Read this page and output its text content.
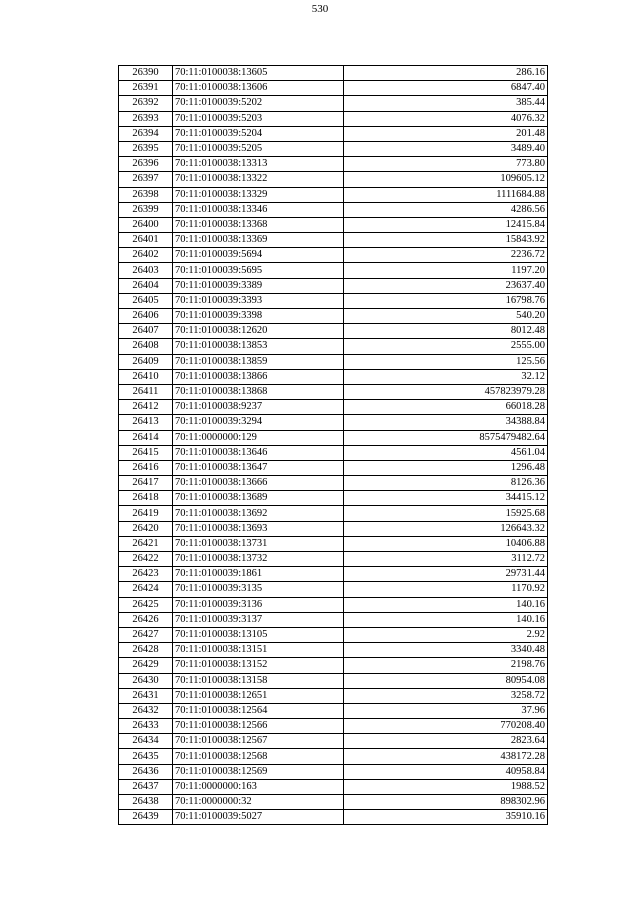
530
26390	70:11:0100038:13605	286.16
26391	70:11:0100038:13606	6847.40
26392	70:11:0100039:5202	385.44
26393	70:11:0100039:5203	4076.32
26394	70:11:0100039:5204	201.48
26395	70:11:0100039:5205	3489.40
26396	70:11:0100038:13313	773.80
26397	70:11:0100038:13322	109605.12
26398	70:11:0100038:13329	1111684.88
26399	70:11:0100038:13346	4286.56
26400	70:11:0100038:13368	12415.84
26401	70:11:0100038:13369	15843.92
26402	70:11:0100039:5694	2236.72
26403	70:11:0100039:5695	1197.20
26404	70:11:0100039:3389	23637.40
26405	70:11:0100039:3393	16798.76
26406	70:11:0100039:3398	540.20
26407	70:11:0100038:12620	8012.48
26408	70:11:0100038:13853	2555.00
26409	70:11:0100038:13859	125.56
26410	70:11:0100038:13866	32.12
26411	70:11:0100038:13868	457823979.28
26412	70:11:0100038:9237	66018.28
26413	70:11:0100039:3294	34388.84
26414	70:11:0000000:129	8575479482.64
26415	70:11:0100038:13646	4561.04
26416	70:11:0100038:13647	1296.48
26417	70:11:0100038:13666	8126.36
26418	70:11:0100038:13689	34415.12
26419	70:11:0100038:13692	15925.68
26420	70:11:0100038:13693	126643.32
26421	70:11:0100038:13731	10406.88
26422	70:11:0100038:13732	3112.72
26423	70:11:0100039:1861	29731.44
26424	70:11:0100039:3135	1170.92
26425	70:11:0100039:3136	140.16
26426	70:11:0100039:3137	140.16
26427	70:11:0100038:13105	2.92
26428	70:11:0100038:13151	3340.48
26429	70:11:0100038:13152	2198.76
26430	70:11:0100038:13158	80954.08
26431	70:11:0100038:12651	3258.72
26432	70:11:0100038:12564	37.96
26433	70:11:0100038:12566	770208.40
26434	70:11:0100038:12567	2823.64
26435	70:11:0100038:12568	438172.28
26436	70:11:0100038:12569	40958.84
26437	70:11:0000000:163	1988.52
26438	70:11:0000000:32	898302.96
26439	70:11:0100039:5027	35910.16
